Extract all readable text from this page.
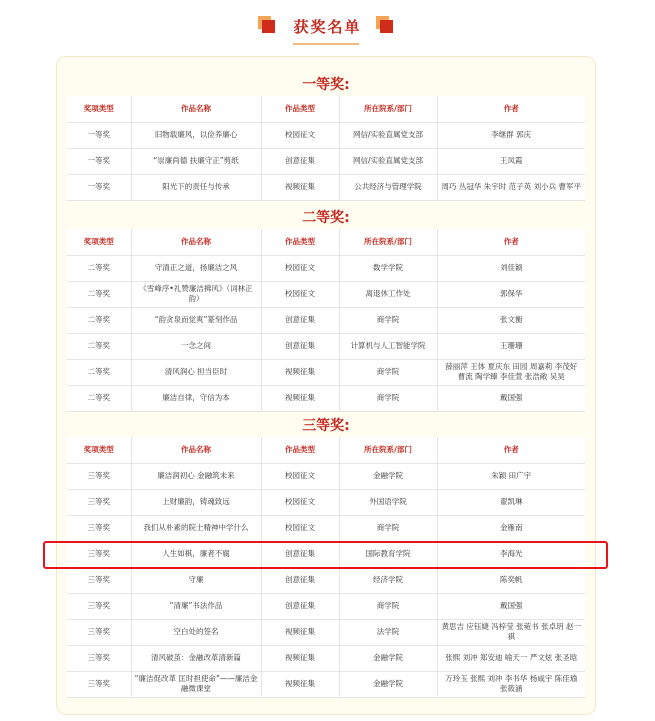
获奖名单
一等奖:
奖项类型	作品名称	作品类型	所在院系/部门	作者
一等奖	旧物载廉风，以俭养廉心	校园征文	网信/实验直属党支部	李继群 郭庆
一等奖	“崇廉尚德 扶廉守正”剪纸	创意征集	网信/实验直属党支部	王凤霞
一等奖	阳光下的责任与传承	视频征集	公共经济与管理学院	周巧 丛冠华 朱宇时 范子英 刘小兵 曹军平
二等奖:
奖项类型	作品名称	作品类型	所在院系/部门	作者
二等奖	守清正之道，扬廉洁之风	校园征文	数学学院	刘佳颖
二等奖	《雪峰序•礼赞廉洁拂风》（词林正韵）	校园征文	离退休工作处	郭保华
二等奖	“韵贪泉而觉爽”篆刻作品	创意征集	商学院	张文衡
二等奖	一念之间	创意征集	计算机与人工智能学院	王珊珊
二等奖	清风润心 担当臣时	视频征集	商学院	薛丽萍 王体 夏庆东 田园 周嘉莉 李茂好 曹流 陶学臻 李佳萱 张浩敞 吴昊
二等奖	廉洁自律，守信为本	视频征集	商学院	戴国强
三等奖:
奖项类型	作品名称	作品类型	所在院系/部门	作者
三等奖	廉洁润初心 金融筑未来	校园征文	金融学院	朱颖 田广宇
三等奖	上财廉韵，铸魂致远	校园征文	外国语学院	翟凯琳
三等奖	我们从朴素的院士精神中学什么	校园征文	商学院	金雁南
三等奖	人生如棋，廉者不腐	创意征集	国际教育学院	李海光
三等奖	守廉	创意征集	经济学院	陈奕帆
三等奖	“清廉”书法作品	创意征集	商学院	戴国强
三等奖	空白处的签名	视频征集	法学院	黄思吉 应钰婕 冯梓莹 张菀书 张卓玥 赵一祺
三等奖	清风破茧：金融改革清新篇	视频征集	金融学院	张熙 刘冲 郑安迪 喻天一 严文炫 张圣晗
三等奖	“廉洁促改革 匡时担使命”——廉洁金融微课堂	视频征集	金融学院	万玲玉 张熙 刘冲 李书华 杨咸宇 陈佳瑜 张筱涵
